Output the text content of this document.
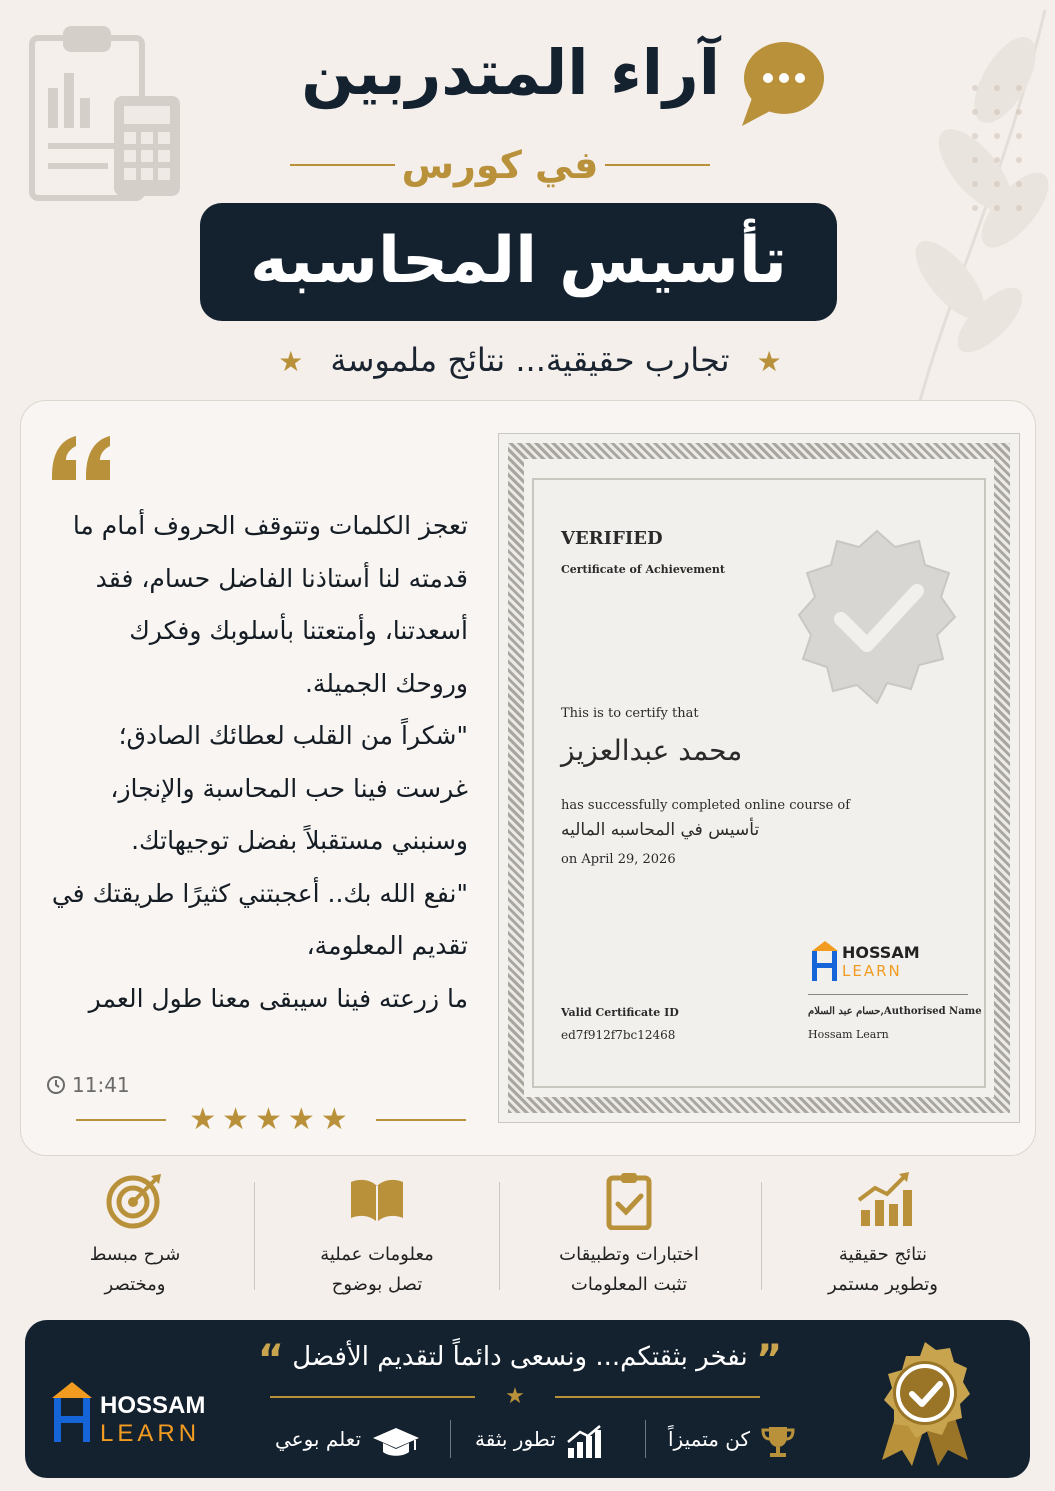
آراء المتدربين
في كورس
تأسيس المحاسبه
★ تجارب حقيقية... نتائج ملموسة ★
تعجز الكلمات وتتوقف الحروف أمام ما
قدمته لنا أستاذنا الفاضل حسام، فقد
أسعدتنا، وأمتعتنا بأسلوبك وفكرك
وروحك الجميلة.
"شكراً من القلب لعطائك الصادق؛
غرست فينا حب المحاسبة والإنجاز،
وسنبني مستقبلاً بفضل توجيهاتك.
"نفع الله بك.. أعجبتني كثيرًا طريقتك في
تقديم المعلومة،
ما زرعته فينا سيبقى معنا طول العمر
11:41
★★★★★
VERIFIED
Certificate of Achievement
This is to certify that
محمد عبدالعزيز
has successfully completed online course of
تأسيس في المحاسبه الماليه
on April 29, 2026
HOSSAM
LEARN
Valid Certificate ID
ed7f912f7bc12468
حسام عبد السلام,Authorised Name
Hossam Learn
شرح مبسط
ومختصر
معلومات عملية
تصل بوضوح
اختبارات وتطبيقات
تثبت المعلومات
نتائج حقيقية
وتطوير مستمر
” نفخر بثقتكم... ونسعى دائماً لتقديم الأفضل “
★
كن متميزاً
تطور بثقة
تعلم بوعي
HOSSAM
LEARN
